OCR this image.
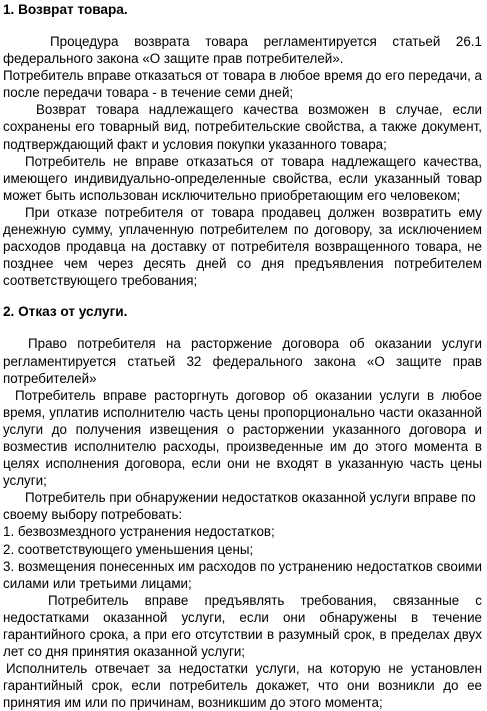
1. Возврат товара.

Процедура возврата товара регламентируется статьей 26.1 федерального закона «О защите прав потребителей».

Потребитель вправе отказаться от товара в любое время до его передачи, а после передачи товара - в течение семи дней;

Возврат товара надлежащего качества возможен в случае, если сохранены его товарный вид, потребительские свойства, а также документ, подтверждающий факт и условия покупки указанного товара;

Потребитель не вправе отказаться от товара надлежащего качества, имеющего индивидуально-определенные свойства, если указанный товар может быть использован исключительно приобретающим его человеком;

При отказе потребителя от товара продавец должен возвратить ему денежную сумму, уплаченную потребителем по договору, за исключением расходов продавца на доставку от потребителя возвращенного товара, не позднее чем через десять дней со дня предъявления потребителем соответствующего требования;

2. Отказ от услуги.

Право потребителя на расторжение договора об оказании услуги регламентируется статьей 32 федерального закона «О защите прав потребителей»

Потребитель вправе расторгнуть договор об оказании услуги в любое время, уплатив исполнителю часть цены пропорционально части оказанной услуги до получения извещения о расторжении указанного договора и возместив исполнителю расходы, произведенные им до этого момента в целях исполнения договора, если они не входят в указанную часть цены услуги;

Потребитель при обнаружении недостатков оказанной услуги вправе по своему выбору потребовать:

1. безвозмездного устранения недостатков;

2. соответствующего уменьшения цены;

3. возмещения понесенных им расходов по устранению недостатков своими силами или третьими лицами;

Потребитель вправе предъявлять требования, связанные с недостатками оказанной услуги, если они обнаружены в течение гарантийного срока, а при его отсутствии в разумный срок, в пределах двух лет со дня принятия оказанной услуги;

Исполнитель отвечает за недостатки услуги, на которую не установлен гарантийный срок, если потребитель докажет, что они возникли до ее принятия им или по причинам, возникшим до этого момента;
